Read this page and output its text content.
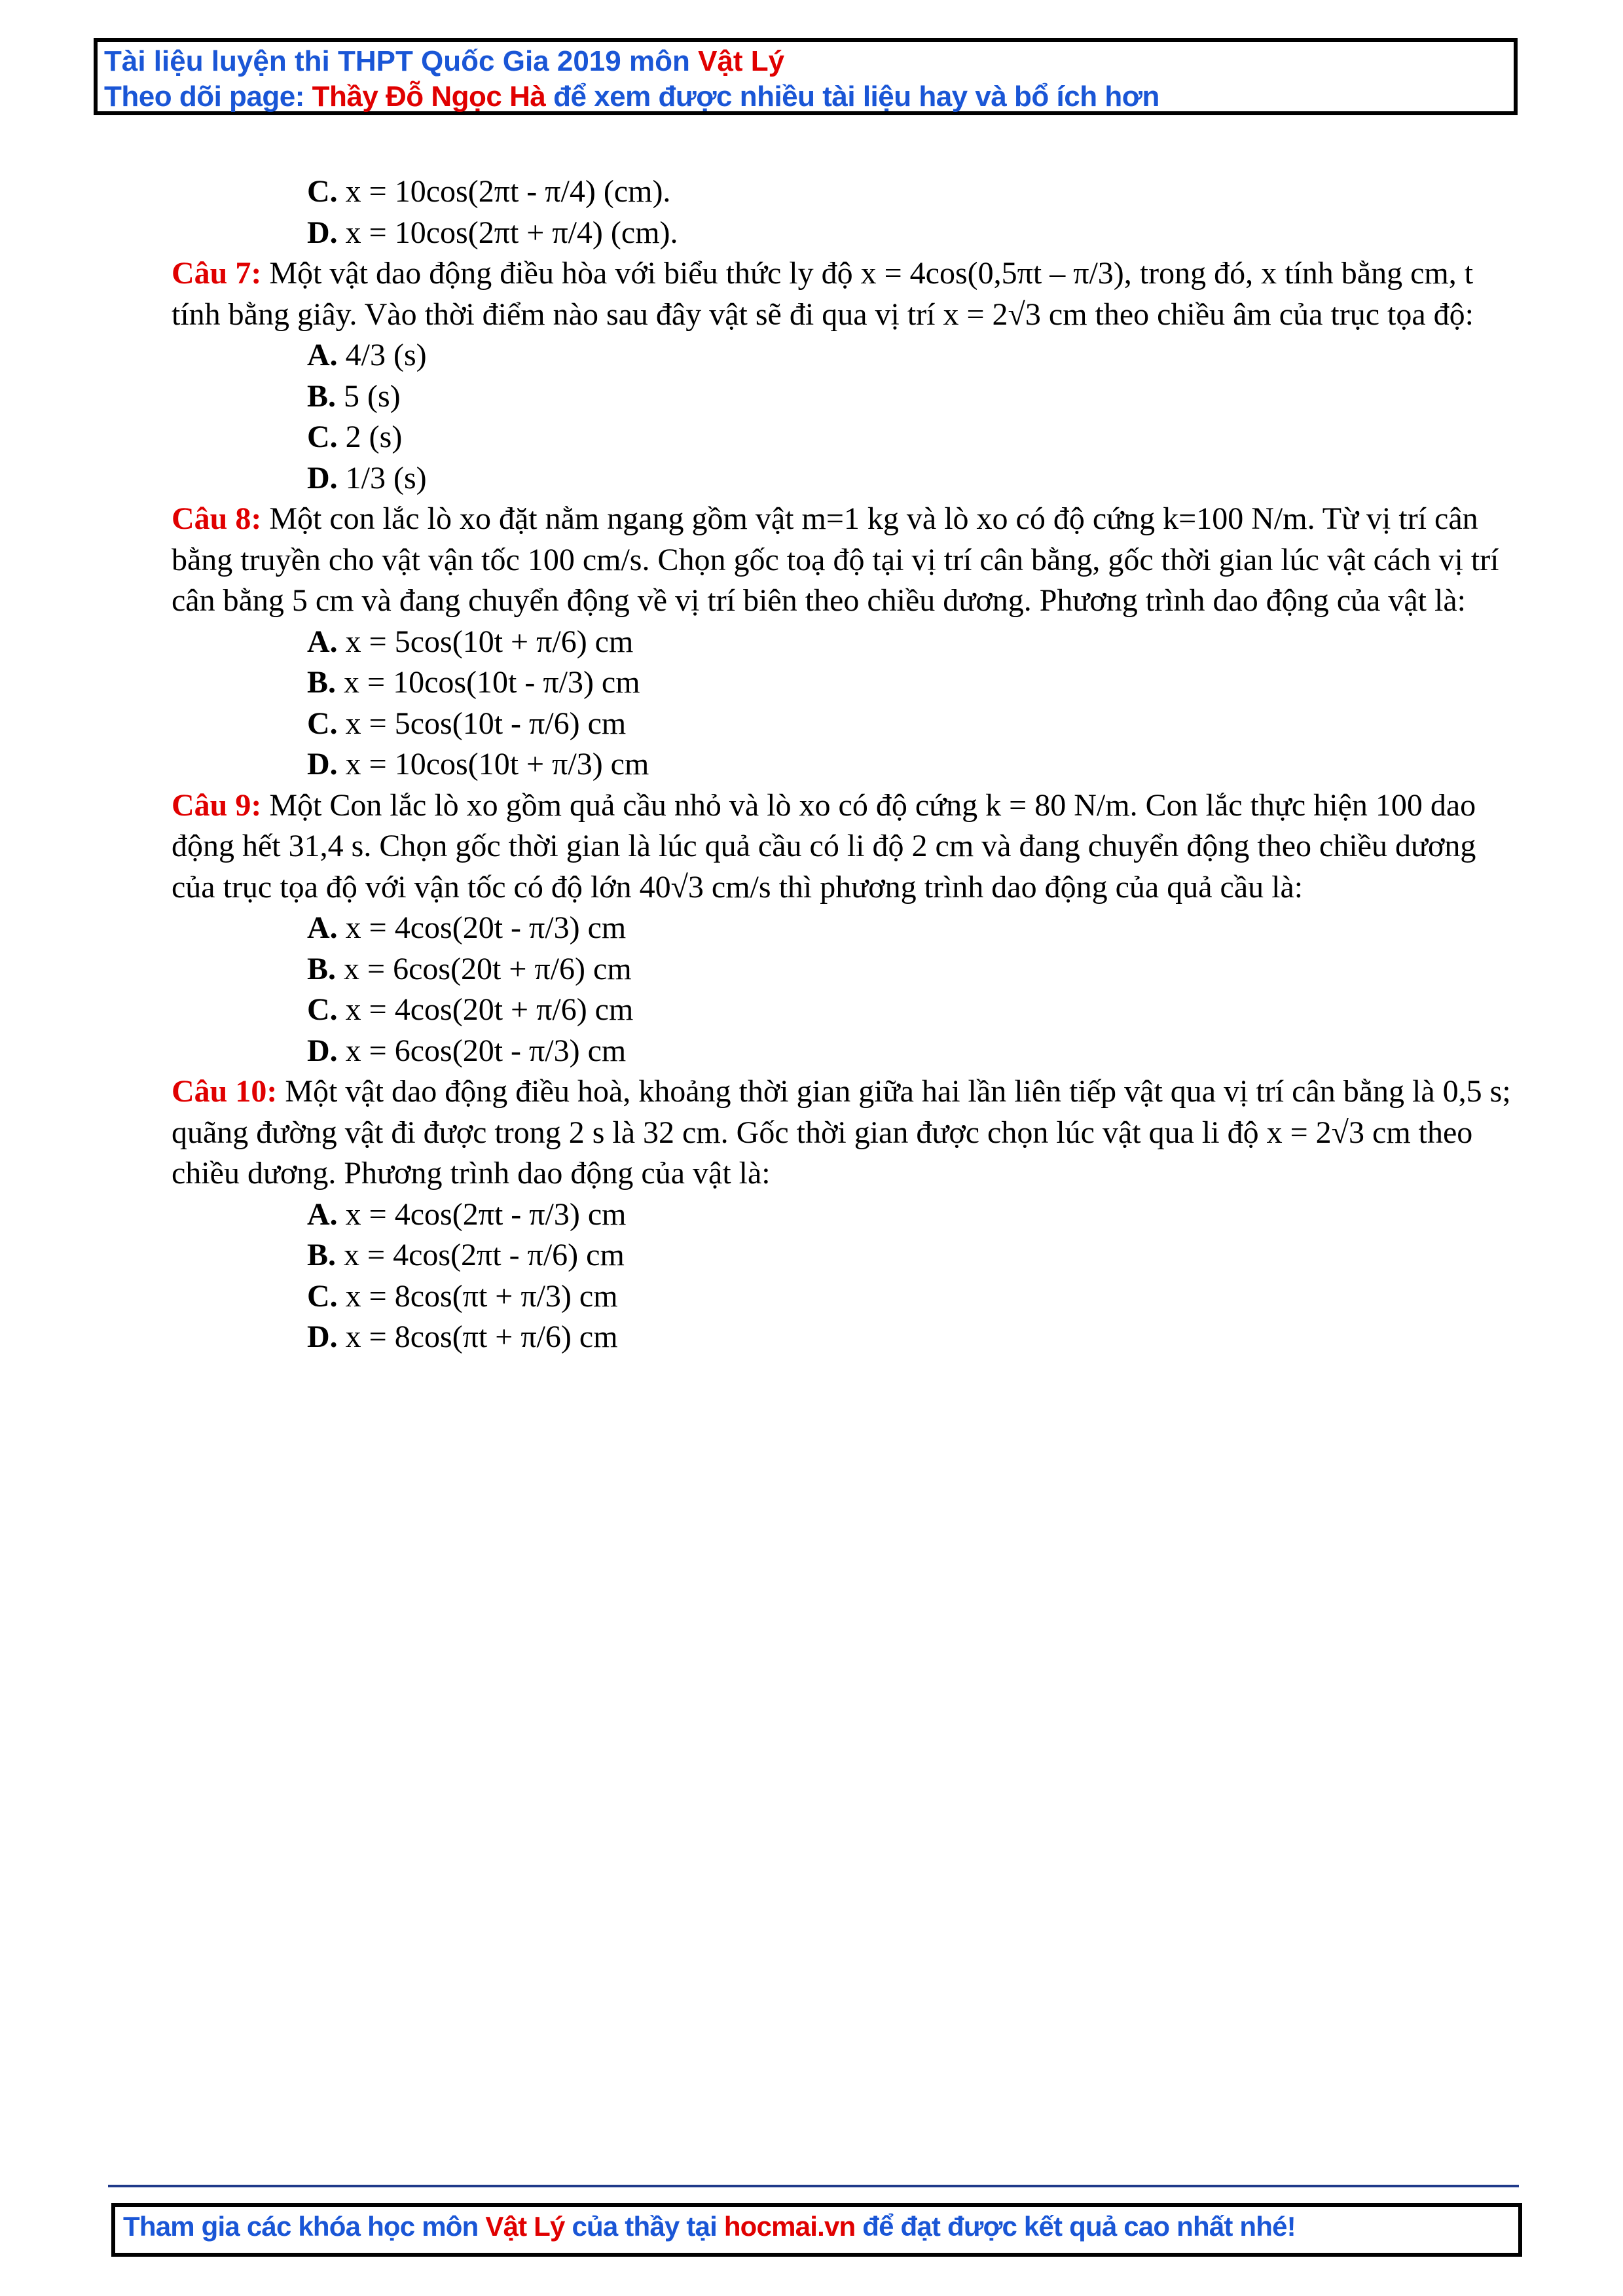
Tài liệu luyện thi THPT Quốc Gia 2019 môn Vật Lý
Theo dõi page: Thầy Đỗ Ngọc Hà để xem được nhiều tài liệu hay và bổ ích hơn
C. x = 10cos(2πt - π/4) (cm).
D. x = 10cos(2πt + π/4) (cm).
Câu 7: Một vật dao động điều hòa với biểu thức ly độ x = 4cos(0,5πt – π/3), trong đó, x tính bằng cm, t tính bằng giây. Vào thời điểm nào sau đây vật sẽ đi qua vị trí x = 2√3 cm theo chiều âm của trục tọa độ:
A. 4/3 (s)
B. 5 (s)
C. 2 (s)
D. 1/3 (s)
Câu 8: Một con lắc lò xo đặt nằm ngang gồm vật m=1 kg và lò xo có độ cứng k=100 N/m. Từ vị trí cân bằng truyền cho vật vận tốc 100 cm/s. Chọn gốc toạ độ tại vị trí cân bằng, gốc thời gian lúc vật cách vị trí cân bằng 5 cm và đang chuyển động về vị trí biên theo chiều dương. Phương trình dao động của vật là:
A. x = 5cos(10t + π/6) cm
B. x = 10cos(10t - π/3) cm
C. x = 5cos(10t - π/6) cm
D. x = 10cos(10t + π/3) cm
Câu 9: Một Con lắc lò xo gồm quả cầu nhỏ và lò xo có độ cứng k = 80 N/m. Con lắc thực hiện 100 dao động hết 31,4 s. Chọn gốc thời gian là lúc quả cầu có li độ 2 cm và đang chuyển động theo chiều dương của trục tọa độ với vận tốc có độ lớn 40√3 cm/s thì phương trình dao động của quả cầu là:
A. x = 4cos(20t - π/3) cm
B. x = 6cos(20t + π/6) cm
C. x = 4cos(20t + π/6) cm
D. x = 6cos(20t - π/3) cm
Câu 10: Một vật dao động điều hoà, khoảng thời gian giữa hai lần liên tiếp vật qua vị trí cân bằng là 0,5 s; quãng đường vật đi được trong 2 s là 32 cm. Gốc thời gian được chọn lúc vật qua li độ x = 2√3 cm theo chiều dương. Phương trình dao động của vật là:
A. x = 4cos(2πt - π/3) cm
B. x = 4cos(2πt - π/6) cm
C. x = 8cos(πt + π/3) cm
D. x = 8cos(πt + π/6) cm
Tham gia các khóa học môn Vật Lý của thầy tại hocmai.vn để đạt được kết quả cao nhất nhé!
